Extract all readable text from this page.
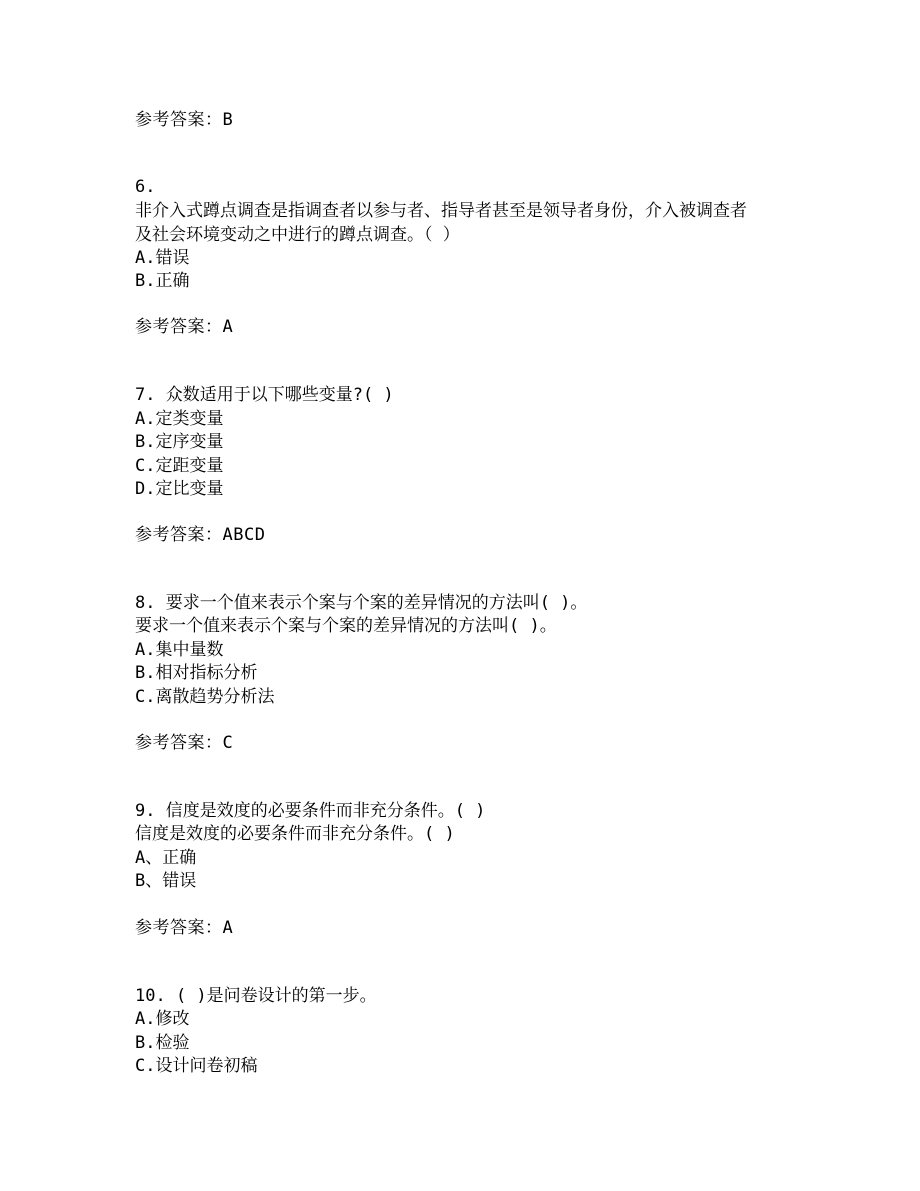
参考答案：B
6.
非介入式蹲点调查是指调查者以参与者、指导者甚至是领导者身份，介入被调查者
及社会环境变动之中进行的蹲点调查。（ ）
A.错误
B.正确
参考答案：A
7. 众数适用于以下哪些变量?( )
A.定类变量
B.定序变量
C.定距变量
D.定比变量
参考答案：ABCD
8. 要求一个值来表示个案与个案的差异情况的方法叫( )。
要求一个值来表示个案与个案的差异情况的方法叫( )。
A.集中量数
B.相对指标分析
C.离散趋势分析法
参考答案：C
9. 信度是效度的必要条件而非充分条件。( )
信度是效度的必要条件而非充分条件。( )
A、正确
B、错误
参考答案：A
10. ( )是问卷设计的第一步。
A.修改
B.检验
C.设计问卷初稿
